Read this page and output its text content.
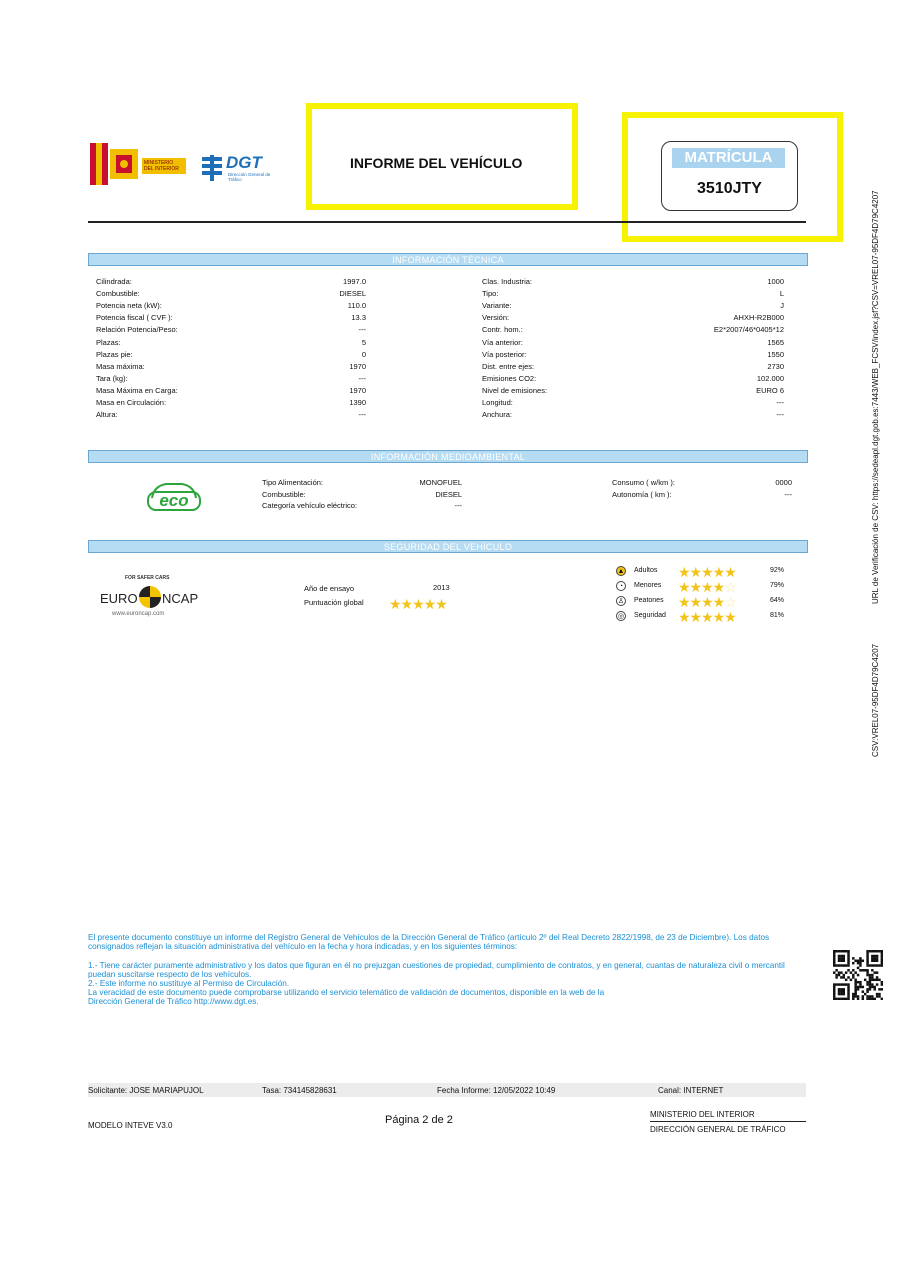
MINISTERIO DEL INTERIOR	DGT
Dirección General de Tráfico
INFORME DEL VEHÍCULO	MATRÍCULA
3510JTY
INFORMACIÓN TÉCNICA
Cilindrada:	1997.0
Combustible:	DIESEL
Potencia neta (kW):	110.0
Potencia fiscal ( CVF ):	13.3
Relación Potencia/Peso:	---
Plazas:	5
Plazas pie:	0
Masa máxima:	1970
Tara (kg):	---
Masa Máxima en Carga:	1970
Masa en Circulación:	1390
Altura:	---
Clas. Industria:	1000
Tipo:	L
Variante:	J
Versión:	AHXH-R2B000
Contr. hom.:	E2*2007/46*0405*12
Vía anterior:	1565
Vía posterior:	1550
Dist. entre ejes:	2730
Emisiones CO2:	102.000
Nivel de emisiones:	EURO 6
Longitud:	---
Anchura:	---
INFORMACIÓN MEDIOAMBIENTAL
eco
Tipo Alimentación:	MONOFUEL
Combustible:	DIESEL
Categoría vehículo eléctrico:	---
Consumo ( w/km ):	0000
Autonomía ( km ):	---
SEGURIDAD DEL VEHÍCULO
FOR SAFER CARS
EURO NCAP
www.euroncap.com
Año de ensayo	2013
Puntuación global ★★★★★
▲ Adultos ★★★★★	92%
◔	Menores ★★★★☆	79%
♙ Peatones ★★★★☆	64%
◎ Seguridad ★★★★★	81%
El presente documento constituye un informe del Registro General de Vehículos de la Dirección General de Tráfico (artículo 2º del Real Decreto 2822/1998, de 23 de Diciembre). Los datos consignados reflejan la situación administrativa del vehículo en la fecha y hora indicadas, y en los siguientes términos:
1.- Tiene carácter puramente administrativo y los datos que figuran en él no prejuzgan cuestiones de propiedad, cumplimiento de contratos, y en general, cuantas de naturaleza civil o mercantil puedan suscitarse respecto de los vehículos.
2.- Este informe no sustituye al Permiso de Circulación.
La veracidad de este documento puede comprobarse utilizando el servicio telemático de validación de documentos, disponible en la web de la
Dirección General de Tráfico http://www.dgt.es.
Solicitante: JOSE MARIAPUJOL	Tasa: 734145828631	Fecha Informe: 12/05/2022 10:49	Canal: INTERNET
MODELO INTEVE V3.0	Página 2 de 2	MINISTERIO DEL INTERIOR
DIRECCIÓN GENERAL DE TRÁFICO
URL de Verificación de CSV: https://sedeapl.dgt.gob.es:7443/WEB_FCSV/index.jsf?CSV=VREL07-95DF4D79C4207
CSV:VREL07-95DF4D79C4207
